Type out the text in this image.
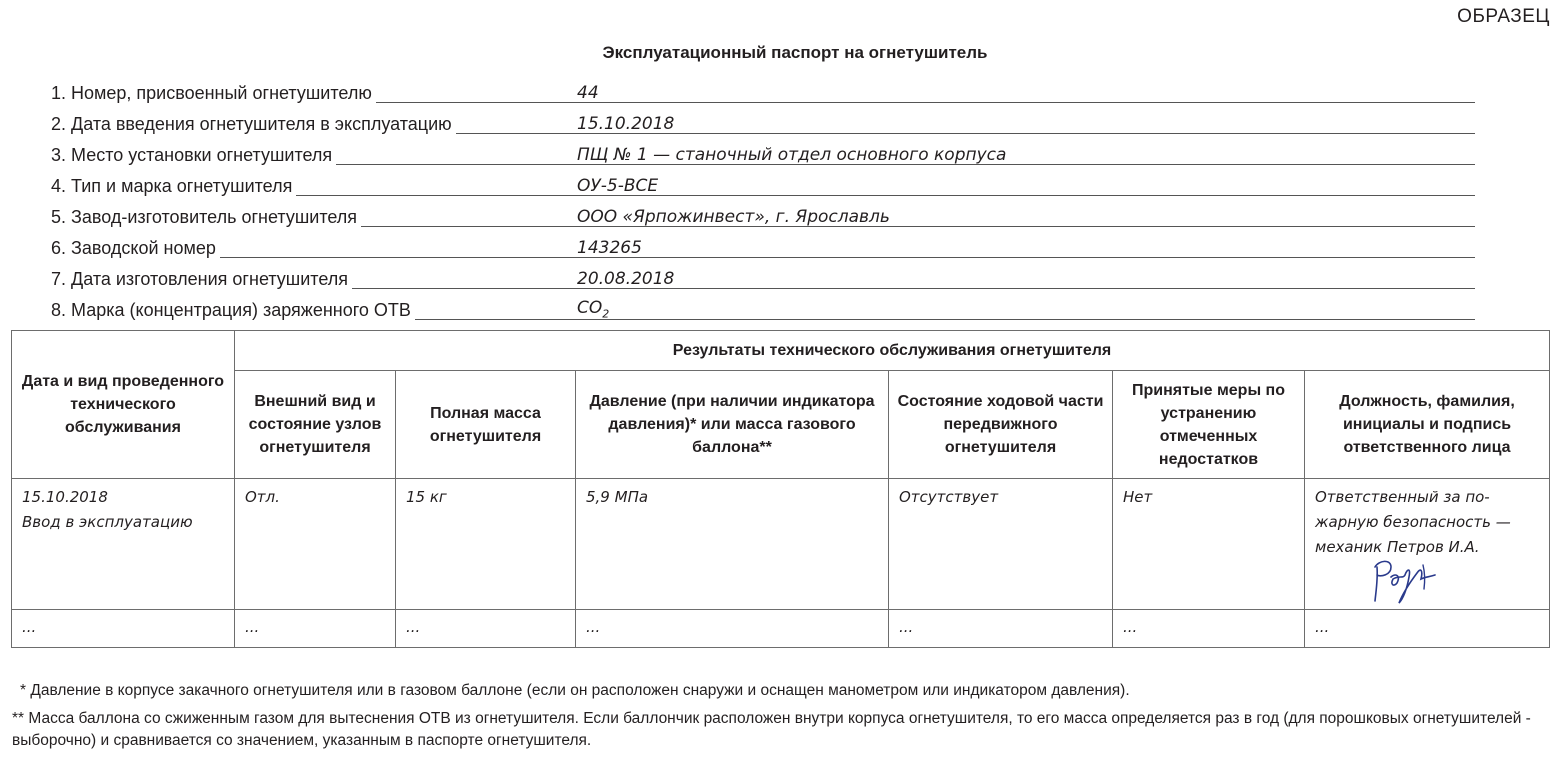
ОБРАЗЕЦ
Эксплуатационный паспорт на огнетушитель
1. Номер, присвоенный огнетушителю	44
2. Дата введения огнетушителя в эксплуатацию	15.10.2018
3. Место установки огнетушителя	ПЩ № 1 — станочный отдел основного корпуса
4. Тип и марка огнетушителя	ОУ-5-ВСЕ
5. Завод-изготовитель огнетушителя	ООО «Ярпожинвест», г. Ярославль
6. Заводской номер	143265
7. Дата изготовления огнетушителя	20.08.2018
8. Марка (концентрация) заряженного ОТВ	$CO_2$
Дата и вид проведенного технического обслуживания	Результаты технического обслуживания огнетушителя					
	Внешний вид и состояние узлов огнетушителя	Полная масса огнетушителя	Давление (при наличии индикатора давления)* или масса газового баллона**	Состояние ходовой части передвижного огнетушителя	Принятые меры по устранению отмеченных недостатков	Должность, фамилия, инициалы и подпись ответственного лица

15.10.2018
Ввод в эксплуатацию	Отл.	15 кг	5,9 МПа	Отсутствует	Нет	Ответственный за по-жарную безопасность — механик Петров И.А.

...	...	...	...	...	...	...
* Давление в корпусе закачного огнетушителя или в газовом баллоне (если он расположен снаружи и оснащен манометром или индикатором давления).
** Масса баллона со сжиженным газом для вытеснения ОТВ из огнетушителя. Если баллончик расположен внутри корпуса огнетушителя, то его масса определяется раз в год (для порошковых огнетушителей - выборочно) и сравнивается со значением, указанным в паспорте огнетушителя.
